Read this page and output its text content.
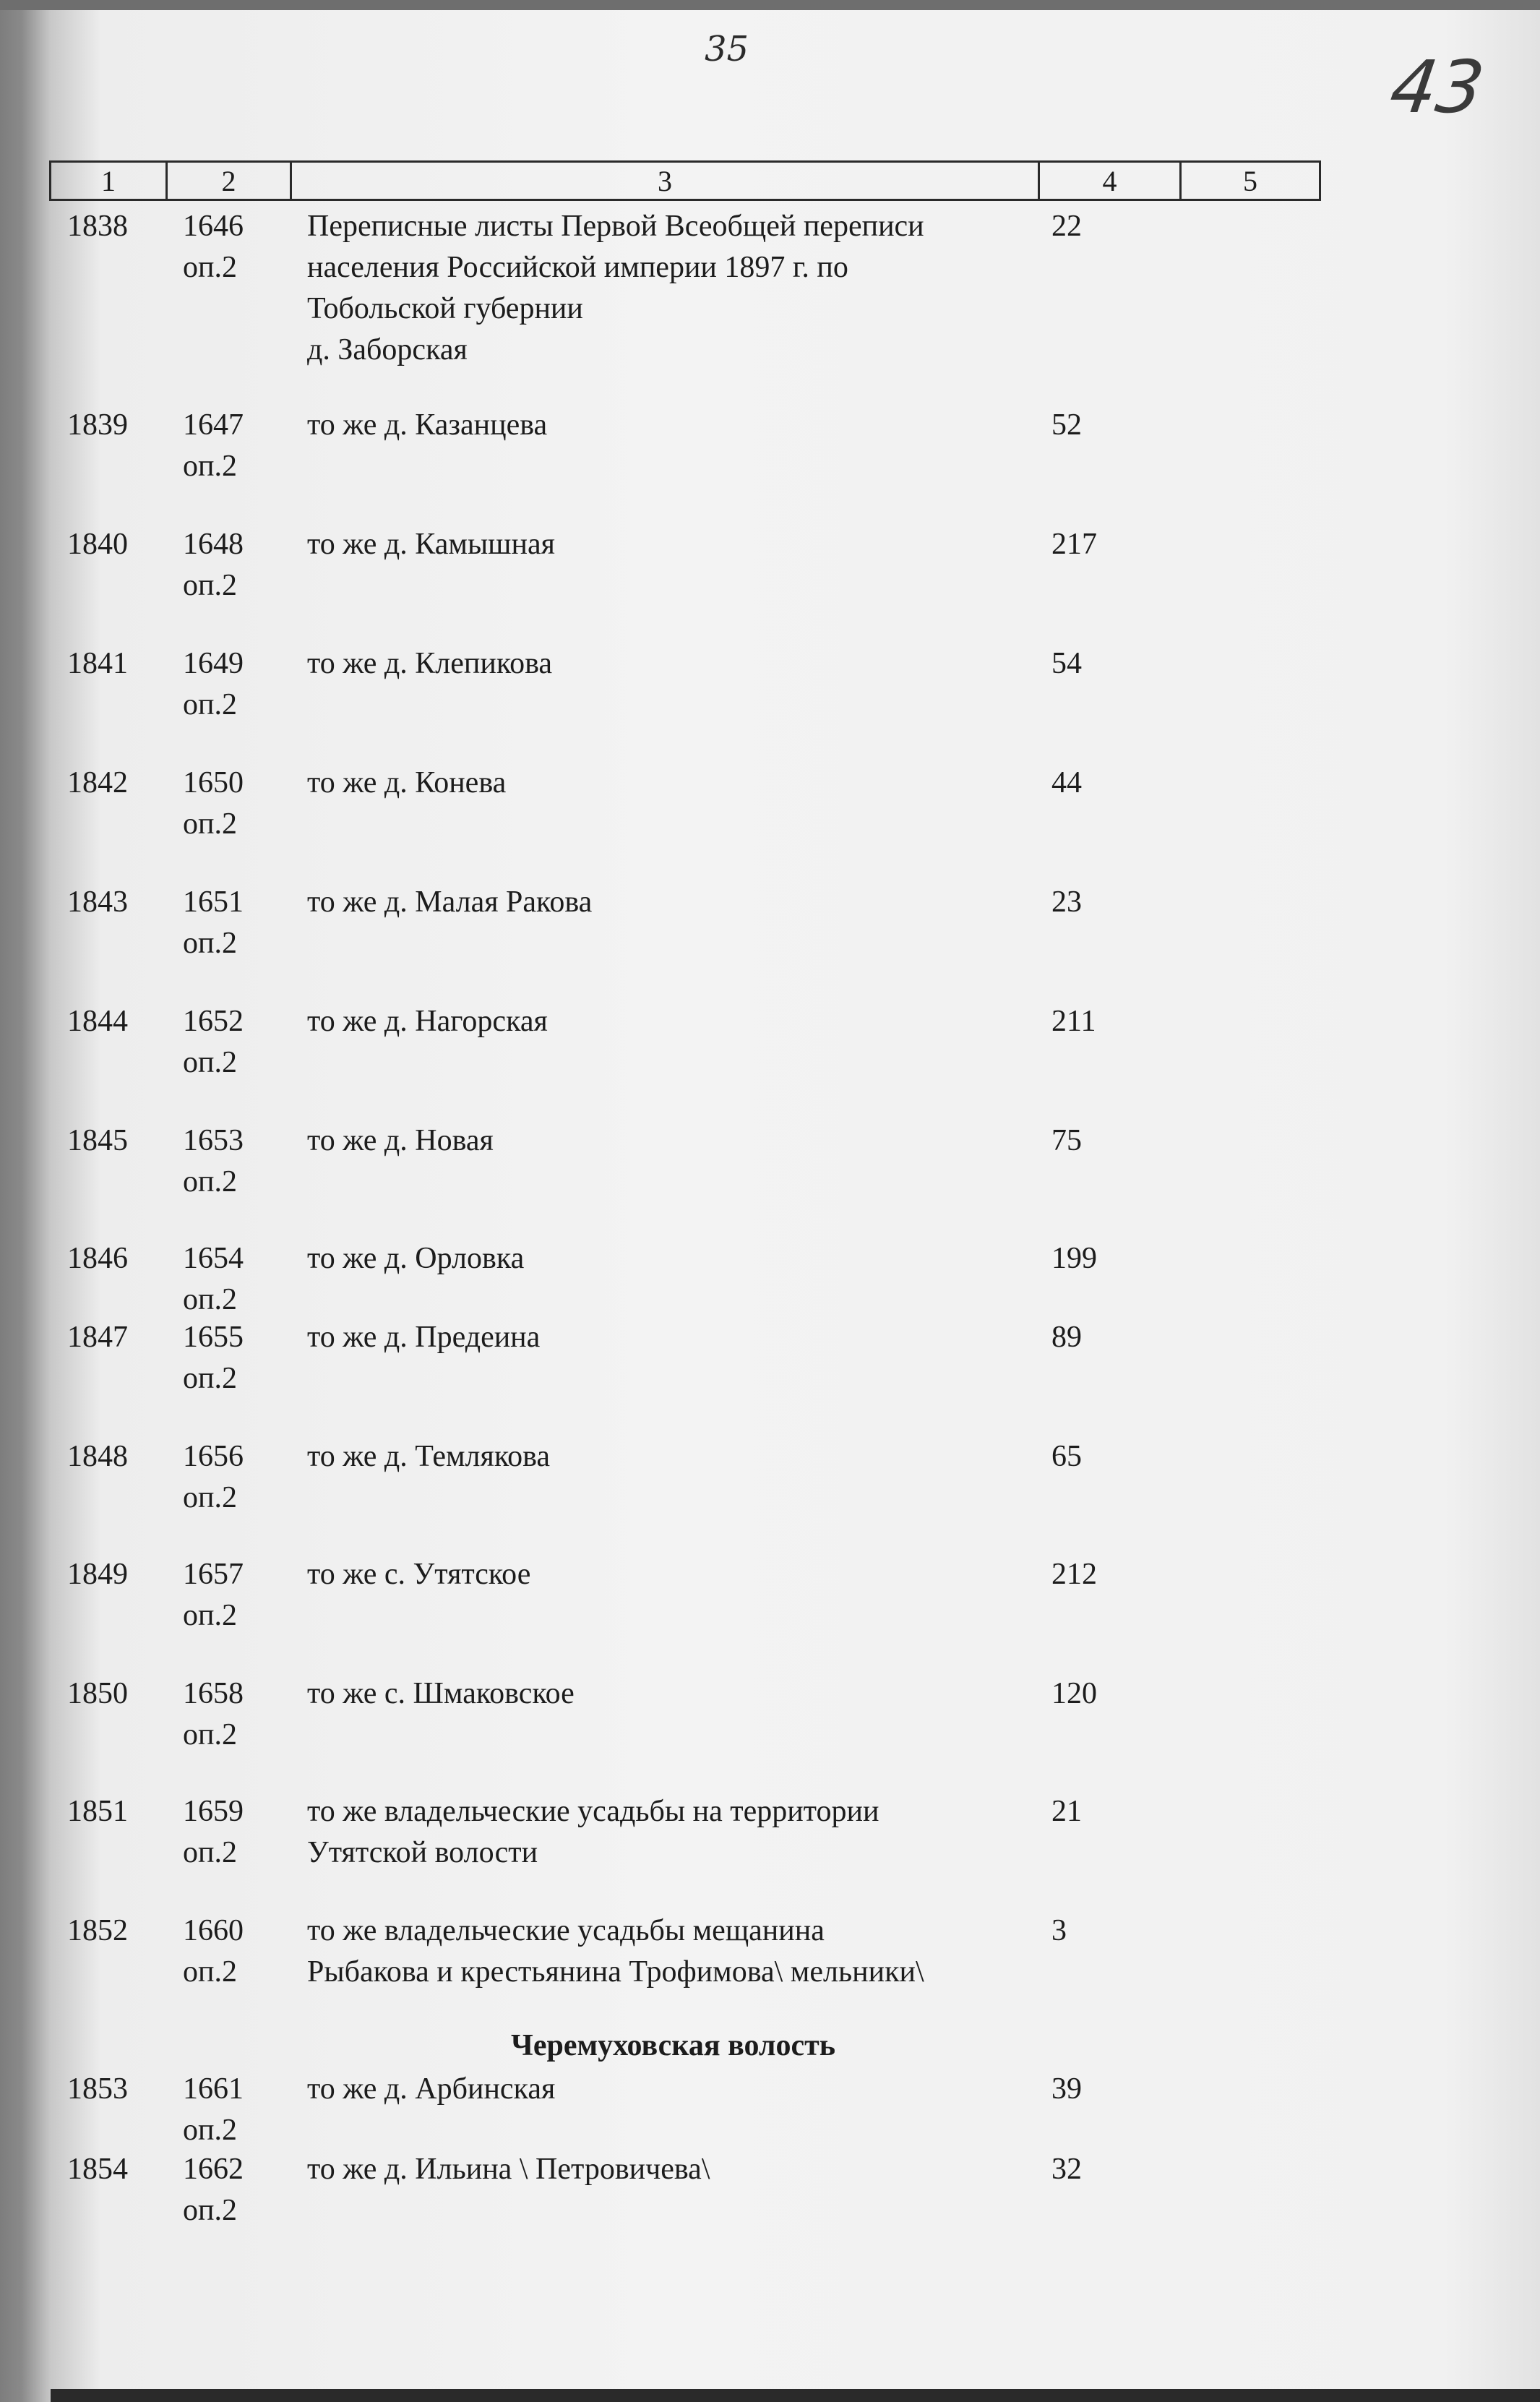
35	43
1	2	3	4	5
1838 1646
оп.2
Переписные листы Первой Всеобщей переписи
населения Российской империи 1897 г. по
Тобольской губернии
д. Заборская
22
1839 1647
оп.2
то же д. Казанцева	52
1840 1648
оп.2
то же д. Камышная	217
1841 1649
оп.2
то же д. Клепикова	54
1842 1650
оп.2
то же д. Конева	44
1843 1651
оп.2
то же д. Малая Ракова	23
1844 1652
оп.2
то же д. Нагорская	211
1845 1653
оп.2
то же д. Новая	75
1846 1654
оп.2
то же д. Орловка	199
1847 1655
оп.2
то же д. Предеина	89
1848 1656
оп.2
то же д. Темлякова	65
1849 1657
оп.2
то же с. Утятское	212
1850 1658
оп.2
то же с. Шмаковское	120
1851 1659
оп.2
то же владельческие усадьбы на территории
Утятской волости
21
1852 1660
оп.2
то же владельческие усадьбы мещанина
Рыбакова и крестьянина Трофимова\ мельники\
3
1853 1661
оп.2
то же д. Арбинская	39
1854 1662
оп.2
то же д. Ильина \ Петровичева\	32
Черемуховская волость
